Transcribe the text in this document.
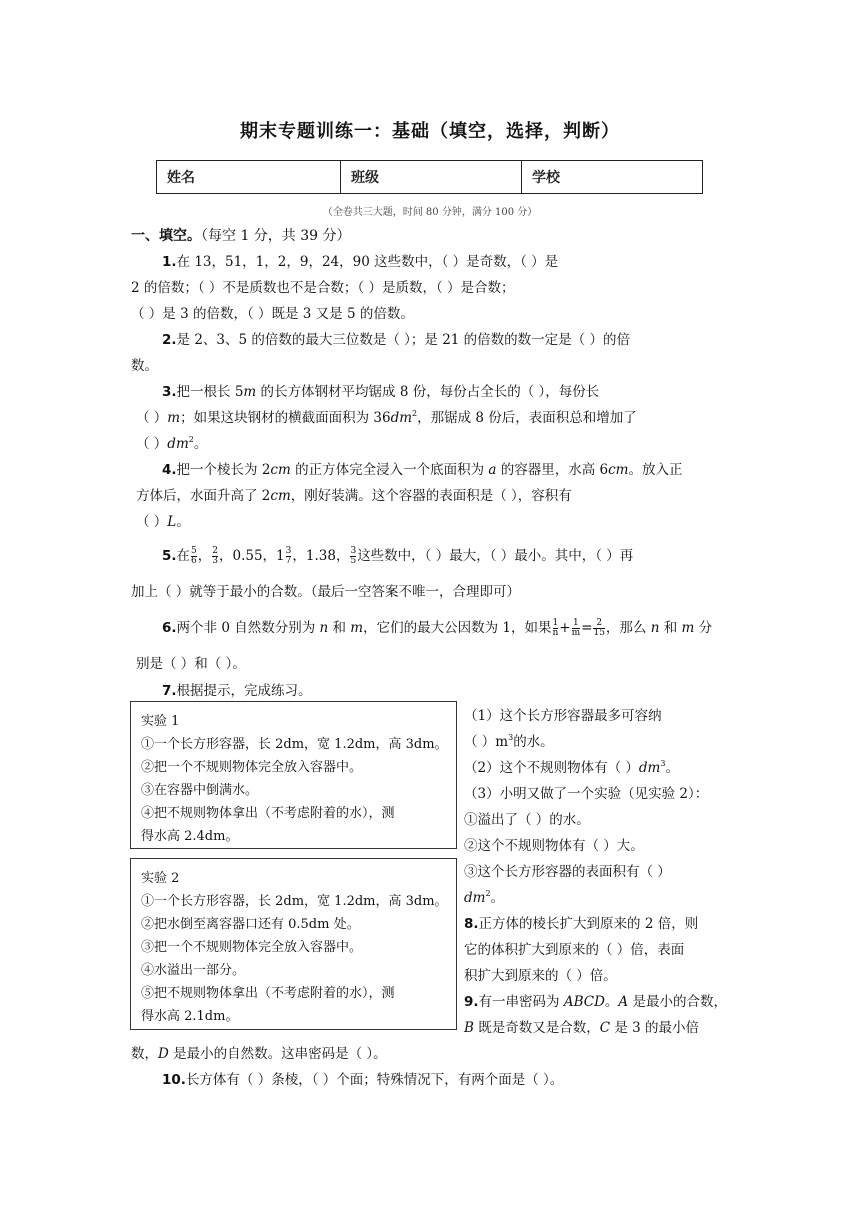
期末专题训练一：基础（填空，选择，判断）
姓名	班级	学校
（全卷共三大题，时间 80 分钟，满分 100 分）
一、填空。（每空 1 分，共 39 分）
1.在 13，51，1，2，9，24，90 这些数中，（ ）是奇数，（ ）是
2 的倍数；（ ）不是质数也不是合数；（ ）是质数，（ ）是合数；
（ ）是 3 的倍数，（ ）既是 3 又是 5 的倍数。
2.是 2、3、5 的倍数的最大三位数是（ ）；是 21 的倍数的数一定是（ ）的倍
数。
3.把一根长 5m 的长方体钢材平均锯成 8 份，每份占全长的（ ），每份长
（ ）m；如果这块钢材的横截面面积为 $36dm^2$，那锯成 8 份后，表面积总和增加了
（ ）$dm^2$。
4.把一个棱长为 2cm 的正方体完全浸入一个底面积为 a 的容器里，水高 6cm。放入正
方体后，水面升高了 2cm，刚好装满。这个容器的表面积是（ ），容积有
（ ）L。
5.在 $\frac{5}{6}$ ， $\frac{2}{3}$ ，0.55，$1 \frac{3}{7}$ ，1.38， $\frac{3}{5}$ 这些数中，（ ）最大，（ ）最小。其中，（ ）再
加上（ ）就等于最小的合数。（最后一空答案不唯一，合理即可）
6.两个非 0 自然数分别为 n 和 m，它们的最大公因数为 1，如果 $\frac{1}{n} + \frac{1}{m} = \frac{2}{15}$ ，那么 n 和 m 分
别是（ ）和（ ）。
7.根据提示，完成练习。
实验 1
①一个长方形容器，长 2dm，宽 1.2dm，高 3dm。
②把一个不规则物体完全放入容器中。
③在容器中倒满水。
④把不规则物体拿出（不考虑附着的水），测
得水高 2.4dm。
实验 2
①一个长方形容器，长 2dm，宽 1.2dm，高 3dm。
②把水倒至离容器口还有 0.5dm 处。
③把一个不规则物体完全放入容器中。
④水溢出一部分。
⑤把不规则物体拿出（不考虑附着的水），测
得水高 2.1dm。
（1）这个长方形容器最多可容纳
（ ）$m^3$的水。
（2）这个不规则物体有（ ）$dm^3$。
（3）小明又做了一个实验（见实验 2）：
①溢出了（ ）的水。
②这个不规则物体有（ ）大。
③这个长方形容器的表面积有（ ）
$dm^2$。
8.正方体的棱长扩大到原来的 2 倍，则
它的体积扩大到原来的（ ）倍，表面
积扩大到原来的（ ）倍。
9.有一串密码为 ABCD。A 是最小的合数，
B 既是奇数又是合数，C 是 3 的最小倍
数，D 是最小的自然数。这串密码是（ ）。
10.长方体有（ ）条棱，（ ）个面；特殊情况下，有两个面是（ ）。
